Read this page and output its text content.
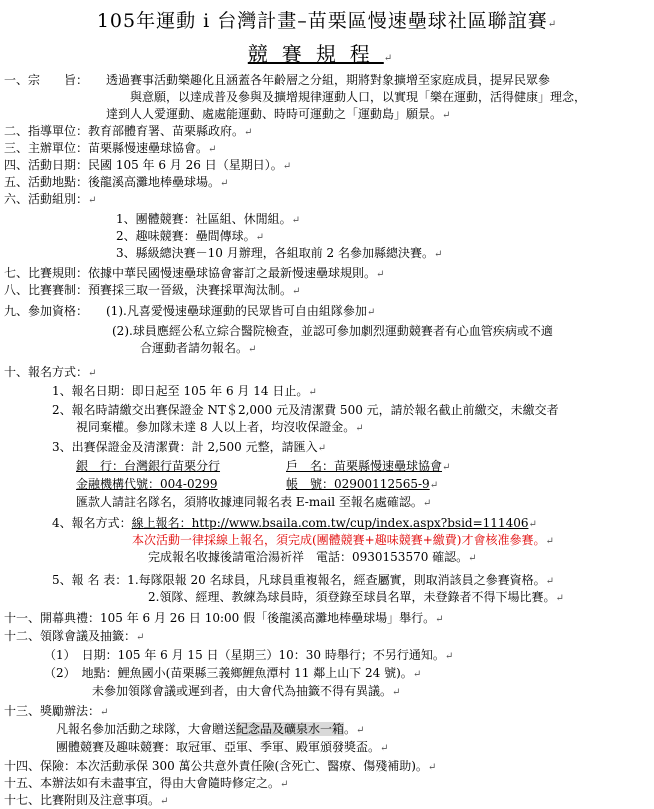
105年運動 i 台灣計畫–苗栗區慢速壘球社區聯誼賽↵
競賽規程↵
一、宗　　旨： 透過賽事活動樂趣化且涵蓋各年齡層之分組，期將對象擴增至家庭成員，提昇民眾參
與意願，以達成普及參與及擴增規律運動人口，以實現「樂在運動，活得健康」理念，
達到人人愛運動、處處能運動、時時可運動之「運動島」願景。↵
二、指導單位：教育部體育署、苗栗縣政府。↵
三、主辦單位：苗栗縣慢速壘球協會。↵
四、活動日期：民國 105 年 6 月 26 日（星期日）。↵
五、活動地點：後龍溪高灘地棒壘球場。↵
六、活動組別：↵
1、團體競賽：社區組、休閒組。↵
2、趣味競賽：壘間傳球。↵
3、縣級總決賽－10 月辦理，各組取前 2 名參加縣總決賽。↵
七、比賽規則：依據中華民國慢速壘球協會審訂之最新慢速壘球規則。↵
八、比賽賽制：預賽採三取一晉級，決賽採單淘汰制。↵
九、參加資格： (1).凡喜愛慢速壘球運動的民眾皆可自由組隊參加↵
(2).球員應經公私立綜合醫院檢查，並認可參加劇烈運動競賽者有心血管疾病或不適
合運動者請勿報名。↵
十、報名方式：↵
1、報名日期：即日起至 105 年 6 月 14 日止。↵
2、報名時請繳交出賽保證金 NT＄2,000 元及清潔費 500 元，請於報名截止前繳交，未繳交者
視同棄權。參加隊未達 8 人以上者，均沒收保證金。↵
3、出賽保證金及清潔費：計 2,500 元整，請匯入↵
銀　行：台灣銀行苗栗分行	戶　名：苗栗縣慢速壘球協會↵
金融機構代號：004-0299	帳　號：02900112565-9↵
匯款人請註名隊名，須將收據連同報名表 E-mail 至報名處確認。↵
4、報名方式：線上報名：http://www.bsaila.com.tw/cup/index.aspx?bsid=111406↵
本次活動一律採線上報名，須完成(團體競賽+趣味競賽+繳費)才會核准參賽。↵
完成報名收據後請電洽湯祈祥　電話：0930153570 確認。↵
5、報 名 表：1.每隊限報 20 名球員，凡球員重複報名，經查屬實，則取消該員之參賽資格。↵
2.領隊、經理、教練為球員時，須登錄至球員名單，未登錄者不得下場比賽。↵
十一、開幕典禮：105 年 6 月 26 日 10:00 假「後龍溪高灘地棒壘球場」舉行。↵
十二、領隊會議及抽籤：↵
（1）　日期：105 年 6 月 15 日（星期三）10：30 時舉行；不另行通知。↵
（2）　地點：鯉魚國小(苗栗縣三義鄉鯉魚潭村 11 鄰上山下 24 號)。↵
未參加領隊會議或遲到者，由大會代為抽籤不得有異議。↵
十三、獎勵辦法：↵
凡報名參加活動之球隊，大會贈送紀念品及礦泉水一箱。↵
團體競賽及趣味競賽：取冠軍、亞軍、季軍、殿軍頒發獎盃。↵
十四、保險：本次活動承保 300 萬公共意外責任險(含死亡、醫療、傷殘補助)。↵
十五、本辦法如有未盡事宜，得由大會隨時修定之。↵
十七、比賽附則及注意事項。↵
